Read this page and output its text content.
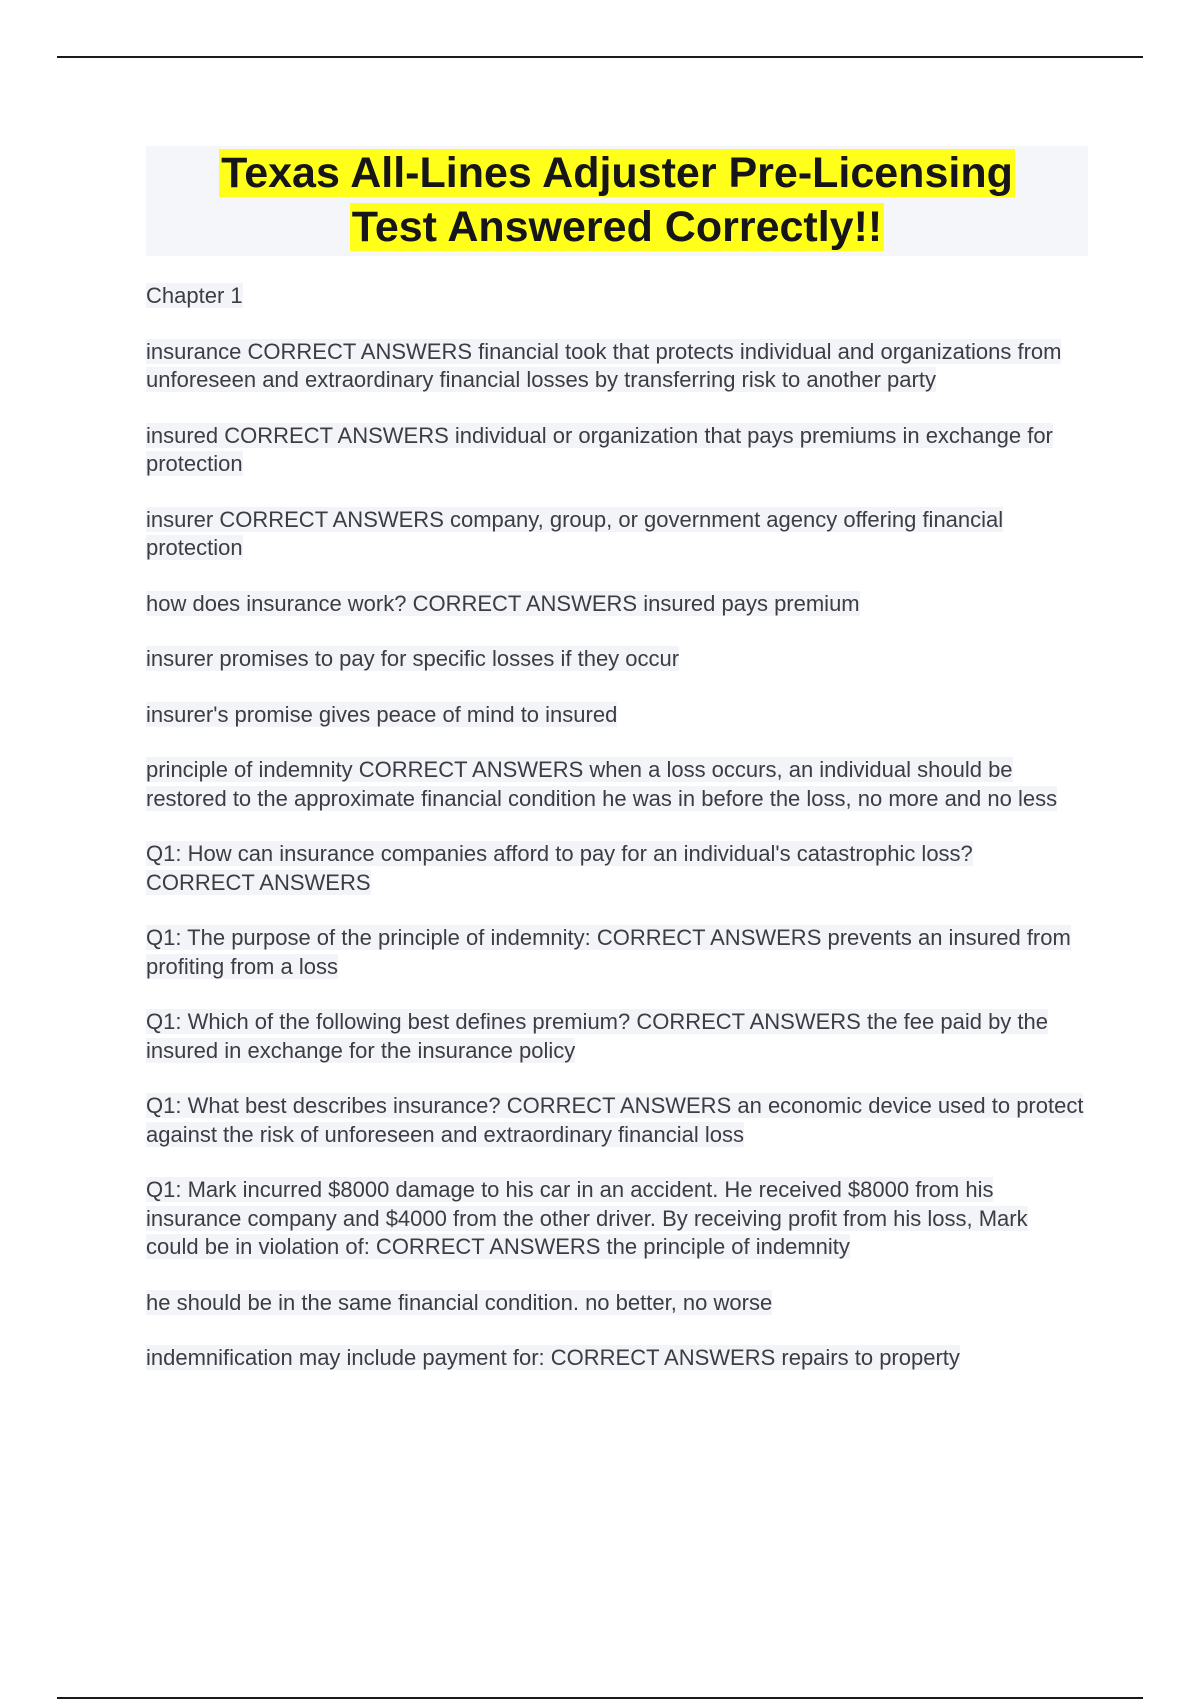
Texas All-Lines Adjuster Pre-Licensing
Test Answered Correctly!!

Chapter 1

insurance CORRECT ANSWERS financial took that protects individual and organizations from unforeseen and extraordinary financial losses by transferring risk to another party

insured CORRECT ANSWERS individual or organization that pays premiums in exchange for protection

insurer CORRECT ANSWERS company, group, or government agency offering financial protection

how does insurance work? CORRECT ANSWERS insured pays premium

insurer promises to pay for specific losses if they occur

insurer's promise gives peace of mind to insured

principle of indemnity CORRECT ANSWERS when a loss occurs, an individual should be restored to the approximate financial condition he was in before the loss, no more and no less

Q1: How can insurance companies afford to pay for an individual's catastrophic loss? CORRECT ANSWERS

Q1: The purpose of the principle of indemnity: CORRECT ANSWERS prevents an insured from profiting from a loss

Q1: Which of the following best defines premium? CORRECT ANSWERS the fee paid by the insured in exchange for the insurance policy

Q1: What best describes insurance? CORRECT ANSWERS an economic device used to protect against the risk of unforeseen and extraordinary financial loss

Q1: Mark incurred $8000 damage to his car in an accident. He received $8000 from his insurance company and $4000 from the other driver. By receiving profit from his loss, Mark could be in violation of: CORRECT ANSWERS the principle of indemnity

he should be in the same financial condition. no better, no worse

indemnification may include payment for: CORRECT ANSWERS repairs to property
